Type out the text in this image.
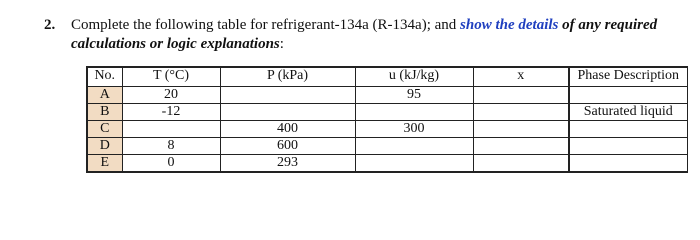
2. Complete the following table for refrigerant-134a (R-134a); and show the details of any required calculations or logic explanations:
No.	T (°C)	P (kPa)	u (kJ/kg)	x	Phase Description
A	20		95		
B	-12				Saturated liquid
C		400	300		
D	8	600			
E	0	293			
